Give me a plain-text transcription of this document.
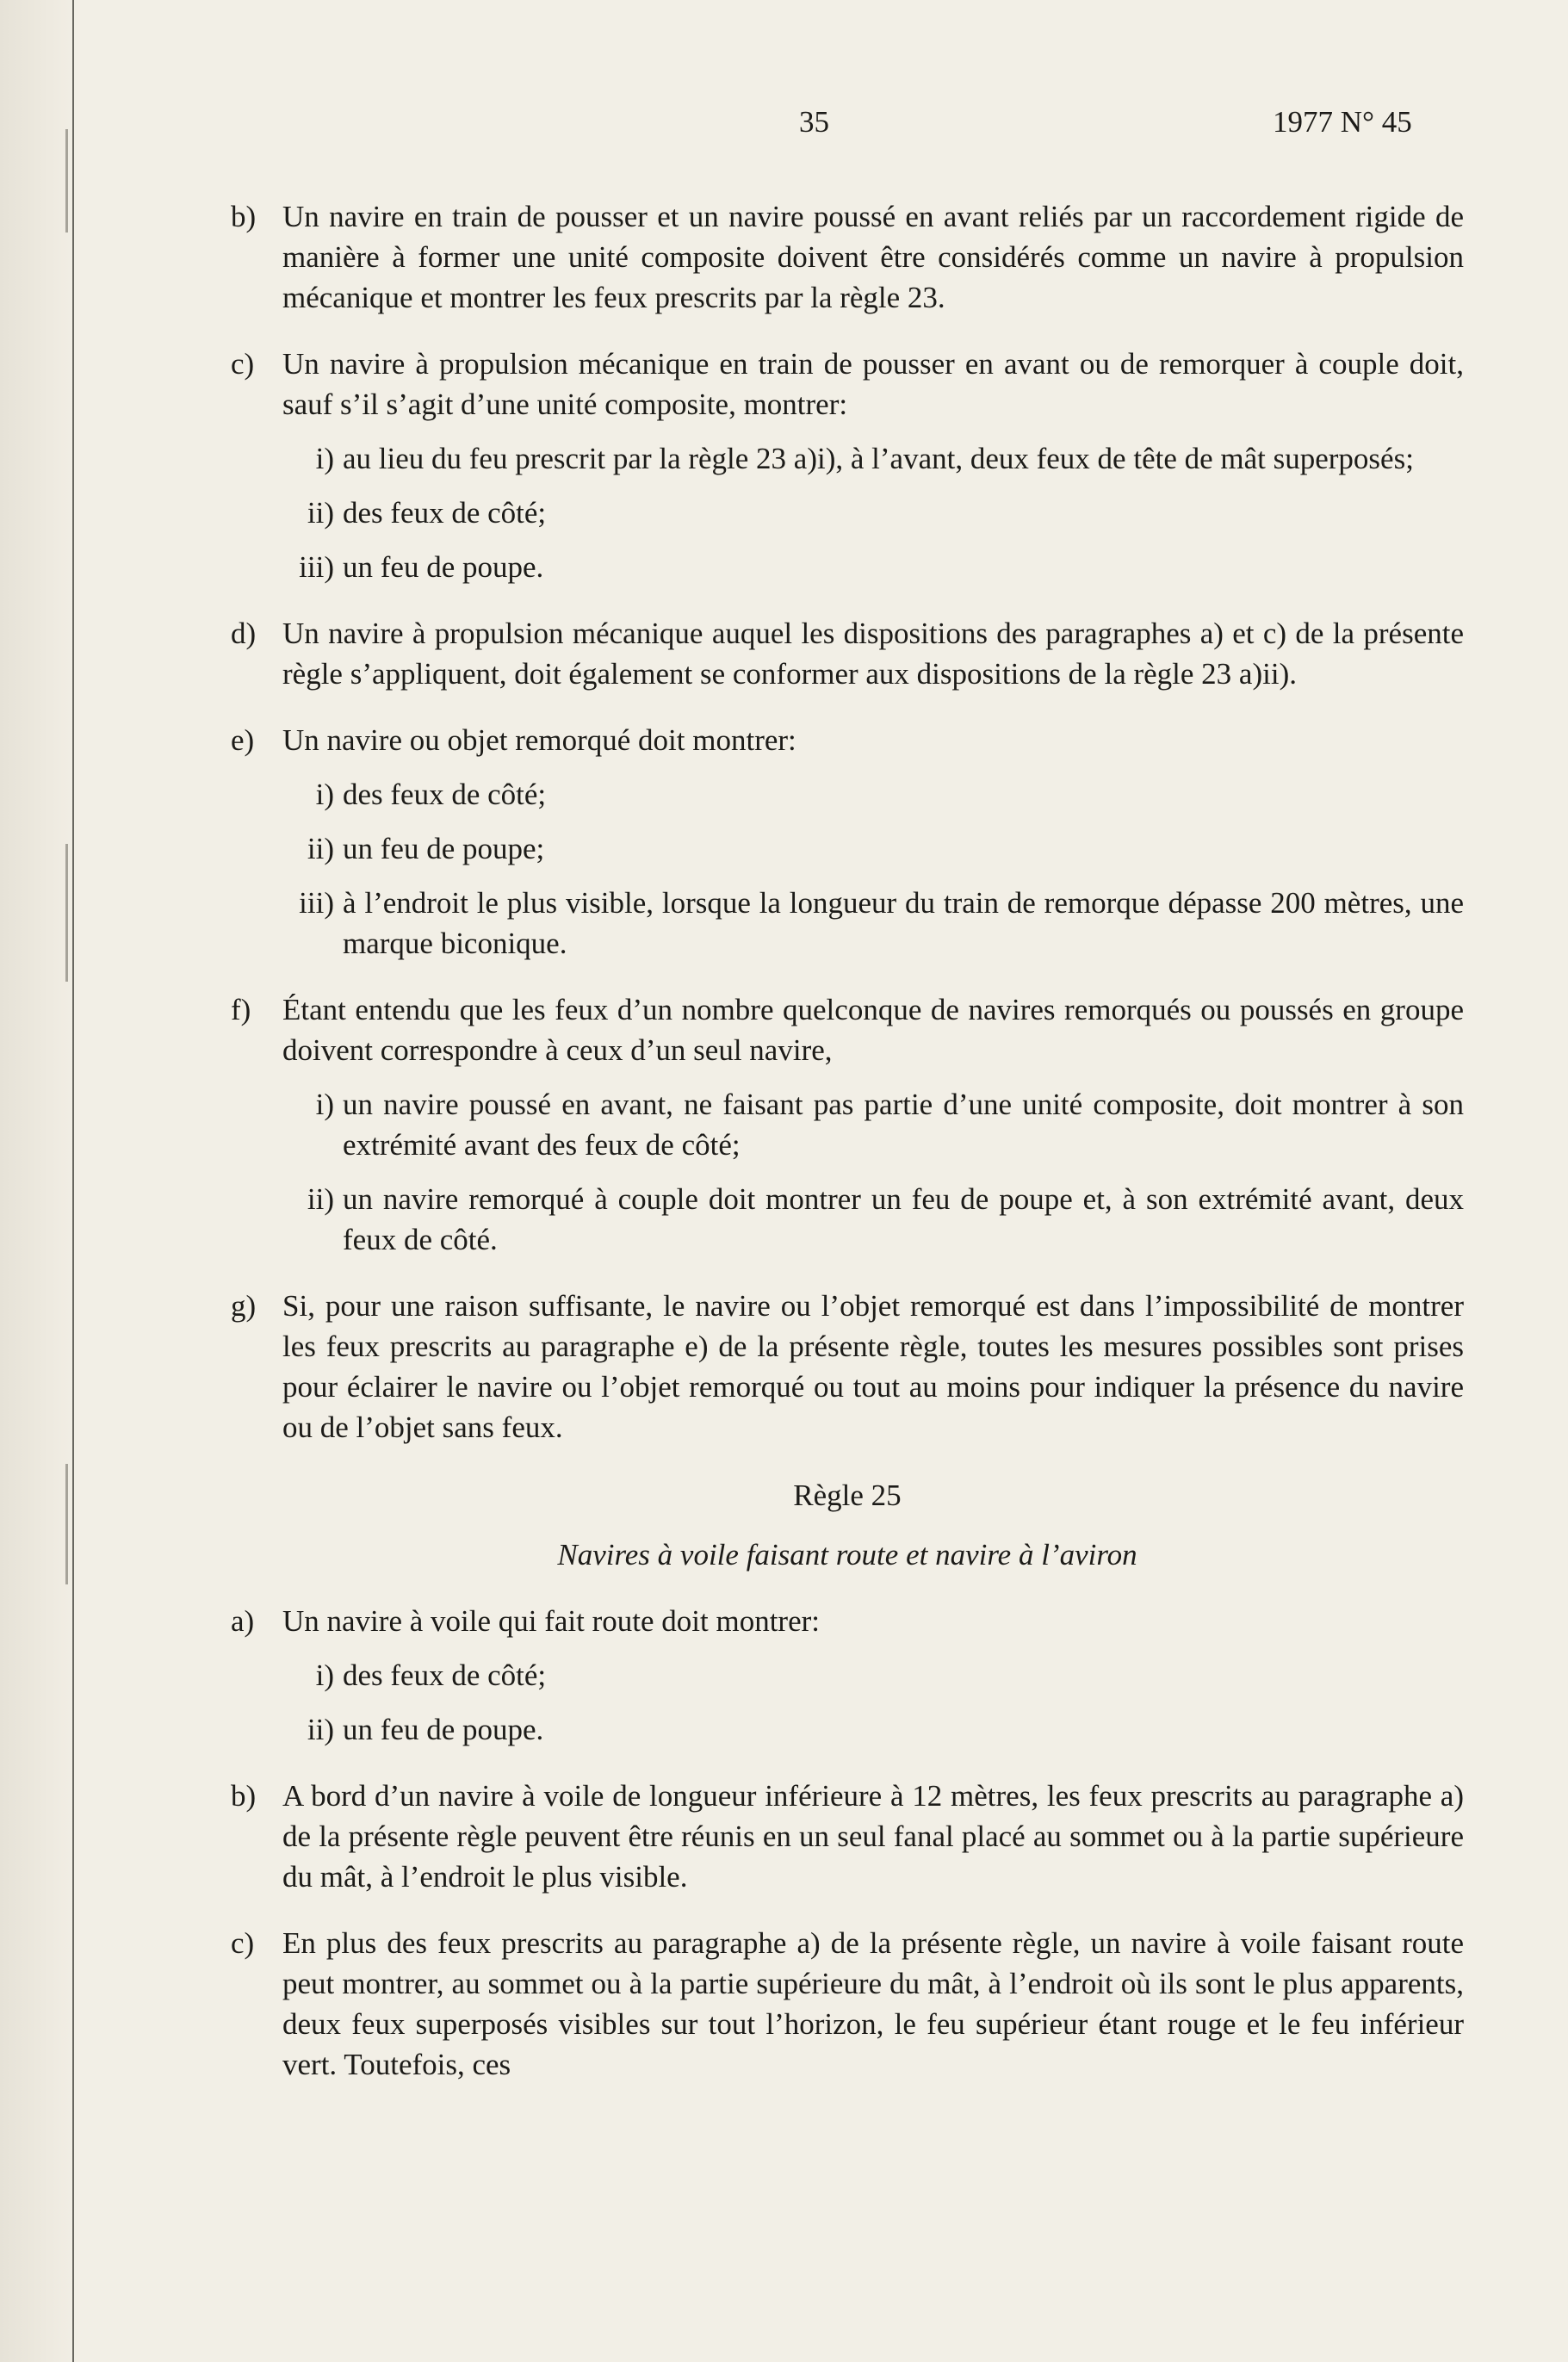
35	1977 N° 45
b) Un navire en train de pousser et un navire poussé en avant reliés par un raccordement rigide de manière à former une unité composite doivent être considérés comme un navire à propulsion mécanique et montrer les feux prescrits par la règle 23.
c) Un navire à propulsion mécanique en train de pousser en avant ou de remorquer à couple doit, sauf s’il s’agit d’une unité composite, montrer:
i) au lieu du feu prescrit par la règle 23 a)i), à l’avant, deux feux de tête de mât superposés;
ii) des feux de côté;
iii) un feu de poupe.
d) Un navire à propulsion mécanique auquel les dispositions des paragraphes a) et c) de la présente règle s’appliquent, doit également se conformer aux dispositions de la règle 23 a)ii).
e) Un navire ou objet remorqué doit montrer:
i) des feux de côté;
ii) un feu de poupe;
iii) à l’endroit le plus visible, lorsque la longueur du train de remorque dépasse 200 mètres, une marque biconique.
f) Étant entendu que les feux d’un nombre quelconque de navires remorqués ou poussés en groupe doivent correspondre à ceux d’un seul navire,
i) un navire poussé en avant, ne faisant pas partie d’une unité composite, doit montrer à son extrémité avant des feux de côté;
ii) un navire remorqué à couple doit montrer un feu de poupe et, à son extrémité avant, deux feux de côté.
g) Si, pour une raison suffisante, le navire ou l’objet remorqué est dans l’impossibilité de montrer les feux prescrits au paragraphe e) de la présente règle, toutes les mesures possibles sont prises pour éclairer le navire ou l’objet remorqué ou tout au moins pour indiquer la présence du navire ou de l’objet sans feux.
Règle 25
Navires à voile faisant route et navire à l’aviron
a) Un navire à voile qui fait route doit montrer:
i) des feux de côté;
ii) un feu de poupe.
b) A bord d’un navire à voile de longueur inférieure à 12 mètres, les feux prescrits au paragraphe a) de la présente règle peuvent être réunis en un seul fanal placé au sommet ou à la partie supérieure du mât, à l’endroit le plus visible.
c) En plus des feux prescrits au paragraphe a) de la présente règle, un navire à voile faisant route peut montrer, au sommet ou à la partie supérieure du mât, à l’endroit où ils sont le plus apparents, deux feux superposés visibles sur tout l’horizon, le feu supérieur étant rouge et le feu inférieur vert. Toutefois, ces
